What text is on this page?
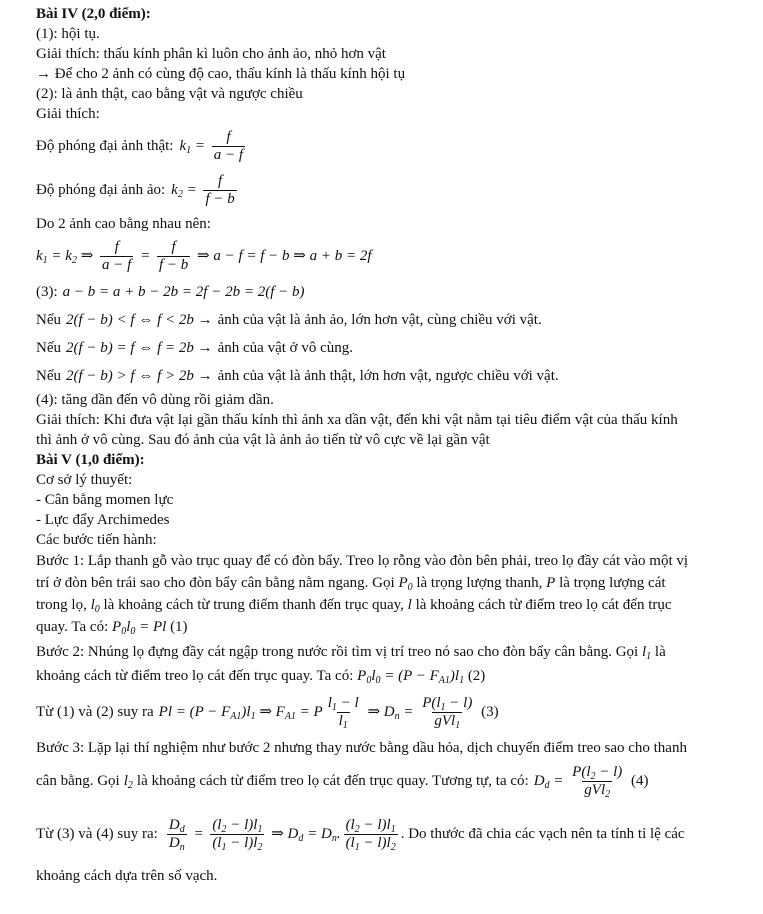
Bài IV (2,0 điểm):
(1): hội tụ.
Giải thích: thấu kính phân kì luôn cho ảnh ảo, nhỏ hơn vật
→ Để cho 2 ảnh có cùng độ cao, thấu kính là thấu kính hội tụ
(2): là ảnh thật, cao bằng vật và ngược chiều
Giải thích:
Độ phóng đại ảnh thật: $k_1 = \frac{f}{a - f}$
Độ phóng đại ảnh ảo: $k_2 = \frac{f}{f - b}$
Do 2 ảnh cao bằng nhau nên:
$k_1 = k_2$ ⇒ $\frac{f}{a - f} = \frac{f}{f - b}$ ⇒ a − f = f − b ⇒ a + b = 2f
(3): a − b = a + b − 2b = 2f − 2b = 2(f − b)
Nếu 2(f − b) < f ⇔ f < 2b → ảnh của vật là ảnh ảo, lớn hơn vật, cùng chiều với vật.
Nếu 2(f − b) = f ⇔ f = 2b → ảnh của vật ở vô cùng.
Nếu 2(f − b) > f ⇔ f > 2b → ảnh của vật là ảnh thật, lớn hơn vật, ngược chiều với vật.
(4): tăng dần đến vô dùng rồi giảm dần.
Giải thích: Khi đưa vật lại gần thấu kính thì ảnh xa dần vật, đến khi vật nằm tại tiêu điểm vật của thấu kính
thì ảnh ở vô cùng. Sau đó ảnh của vật là ảnh ảo tiến từ vô cực về lại gần vật
Bài V (1,0 điểm):
Cơ sở lý thuyết:
- Cân bằng momen lực
- Lực đẩy Archimedes
Các bước tiến hành:
Bước 1: Lắp thanh gỗ vào trục quay để có đòn bẩy. Treo lọ rỗng vào đòn bên phải, treo lọ đầy cát vào một vị
trí ở đòn bên trái sao cho đòn bẩy cân bằng nằm ngang. Gọi $P_0$ là trọng lượng thanh, P là trọng lượng cát
trong lọ, $l_0$ là khoảng cách từ trung điểm thanh đến trục quay, l là khoảng cách từ điểm treo lọ cát đến trục
quay. Ta có: $P_0l_0 = Pl$ (1)
Bước 2: Nhúng lọ đựng đầy cát ngập trong nước rồi tìm vị trí treo nó sao cho đòn bẩy cân bằng. Gọi $l_1$ là
khoảng cách từ điểm treo lọ cát đến trục quay. Ta có: $P_0l_0 = (P - F_{A1})l_1$ (2)
Từ (1) và (2) suy ra $Pl = (P - F_{A1})l_1$ ⇒ $F_{A1} = P \frac{l_1 - l}{l_1}$ ⇒ $D_n = \frac{P(l_1 - l)}{gVl_1} (3)$
Bước 3: Lặp lại thí nghiệm như bước 2 nhưng thay nước bằng dầu hỏa, dịch chuyển điểm treo sao cho thanh
cân bằng. Gọi $l_2$ là khoảng cách từ điểm treo lọ cát đến trục quay. Tương tự, ta có: $D_d = \frac{P(l_2 - l)}{gVl_2} (4)$
Từ (3) và (4) suy ra: $\frac{D_d}{D_n} = \frac{(l_2 - l)l_1}{(l_1 - l)l_2}$ ⇒ $D_d = D_n$. $\frac{(l_2 - l)l_1}{(l_1 - l)l_2}$ . Do thước đã chia các vạch nên ta tính tỉ lệ các
khoảng cách dựa trên số vạch.
